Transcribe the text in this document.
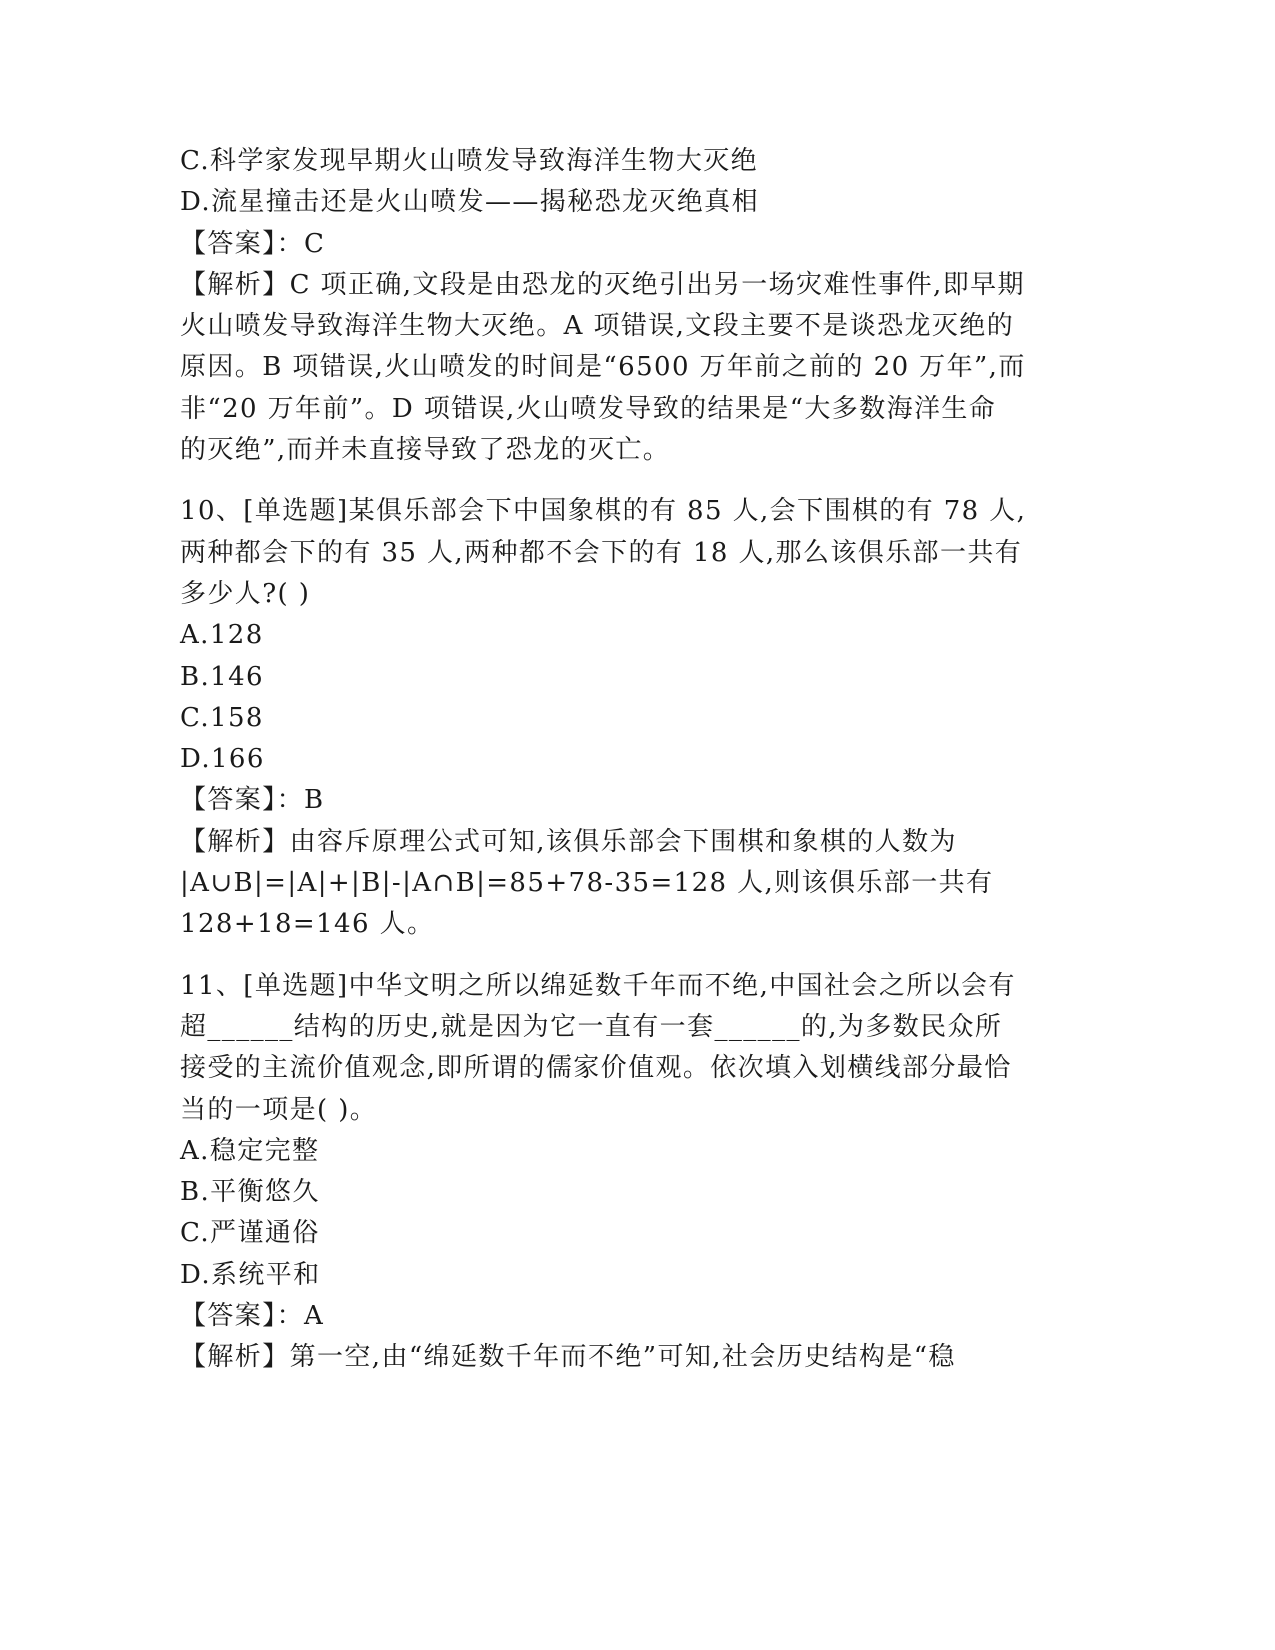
C.科学家发现早期火山喷发导致海洋生物大灭绝
D.流星撞击还是火山喷发——揭秘恐龙灭绝真相
【答案】：C
【解析】C 项正确,文段是由恐龙的灭绝引出另一场灾难性事件,即早期
火山喷发导致海洋生物大灭绝。A 项错误,文段主要不是谈恐龙灭绝的
原因。B 项错误,火山喷发的时间是“6500 万年前之前的 20 万年”,而
非“20 万年前”。D 项错误,火山喷发导致的结果是“大多数海洋生命
的灭绝”,而并未直接导致了恐龙的灭亡。
10、[单选题]某俱乐部会下中国象棋的有 85 人,会下围棋的有 78 人,
两种都会下的有 35 人,两种都不会下的有 18 人,那么该俱乐部一共有
多少人?( )
A.128
B.146
C.158
D.166
【答案】：B
【解析】由容斥原理公式可知,该俱乐部会下围棋和象棋的人数为
|A∪B|=|A|+|B|-|A∩B|=85+78-35=128 人,则该俱乐部一共有
128+18=146 人。
11、[单选题]中华文明之所以绵延数千年而不绝,中国社会之所以会有
超______结构的历史,就是因为它一直有一套______的,为多数民众所
接受的主流价值观念,即所谓的儒家价值观。依次填入划横线部分最恰
当的一项是( )。
A.稳定完整
B.平衡悠久
C.严谨通俗
D.系统平和
【答案】：A
【解析】第一空,由“绵延数千年而不绝”可知,社会历史结构是“稳
